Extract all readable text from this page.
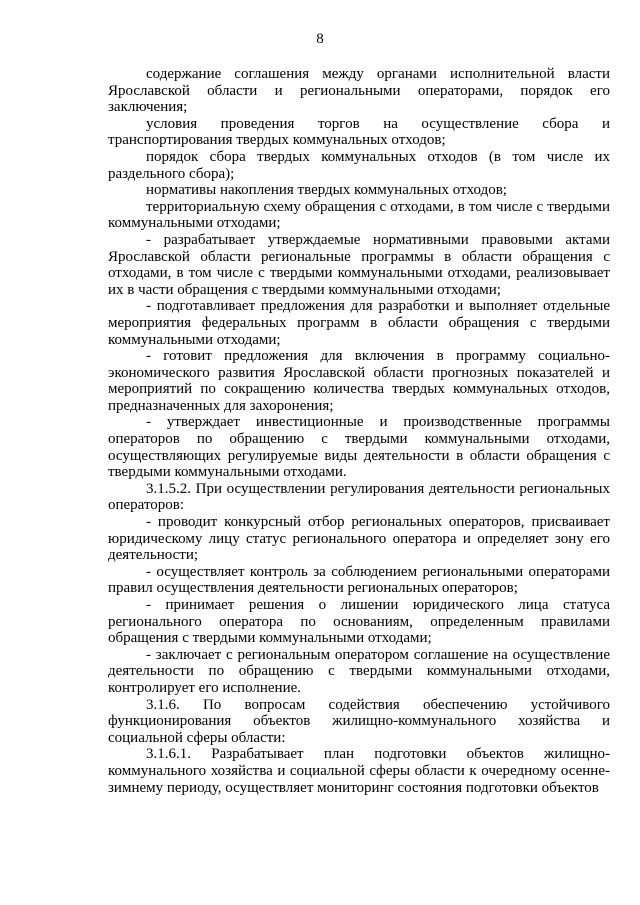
8

содержание соглашения между органами исполнительной власти Ярославской области и региональными операторами, порядок его заключения;

условия проведения торгов на осуществление сбора и транспортирования твердых коммунальных отходов;

порядок сбора твердых коммунальных отходов (в том числе их раздельного сбора);

нормативы накопления твердых коммунальных отходов;

территориальную схему обращения с отходами, в том числе с твердыми коммунальными отходами;

- разрабатывает утверждаемые нормативными правовыми актами Ярославской области региональные программы в области обращения с отходами, в том числе с твердыми коммунальными отходами, реализовывает их в части обращения с твердыми коммунальными отходами;

- подготавливает предложения для разработки и выполняет отдельные мероприятия федеральных программ в области обращения с твердыми коммунальными отходами;

- готовит предложения для включения в программу социально-экономического развития Ярославской области прогнозных показателей и мероприятий по сокращению количества твердых коммунальных отходов, предназначенных для захоронения;

- утверждает инвестиционные и производственные программы операторов по обращению с твердыми коммунальными отходами, осуществляющих регулируемые виды деятельности в области обращения с твердыми коммунальными отходами.

3.1.5.2. При осуществлении регулирования деятельности региональных операторов:

- проводит конкурсный отбор региональных операторов, присваивает юридическому лицу статус регионального оператора и определяет зону его деятельности;

- осуществляет контроль за соблюдением региональными операторами правил осуществления деятельности региональных операторов;

- принимает решения о лишении юридического лица статуса регионального оператора по основаниям, определенным правилами обращения с твердыми коммунальными отходами;

- заключает с региональным оператором соглашение на осуществление деятельности по обращению с твердыми коммунальными отходами, контролирует его исполнение.

3.1.6. По вопросам содействия обеспечению устойчивого функционирования объектов жилищно-коммунального хозяйства и социальной сферы области:

3.1.6.1. Разрабатывает план подготовки объектов жилищно-коммунального хозяйства и социальной сферы области к очередному осенне-зимнему периоду, осуществляет мониторинг состояния подготовки объектов
